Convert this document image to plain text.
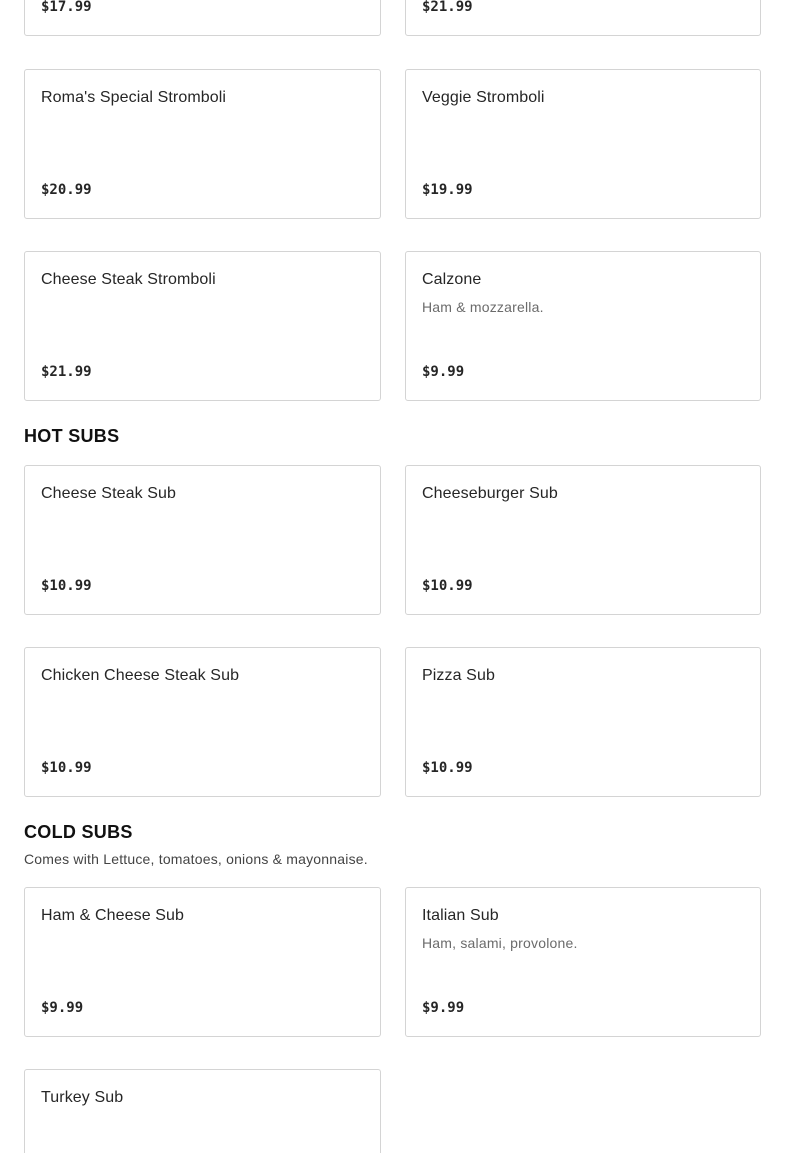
$17.99	$21.99
Roma's Special Stromboli
$20.99
Veggie Stromboli
$19.99
Cheese Steak Stromboli
$21.99
Calzone
Ham & mozzarella.
$9.99
HOT SUBS
Cheese Steak Sub
$10.99
Cheeseburger Sub
$10.99
Chicken Cheese Steak Sub
$10.99
Pizza Sub
$10.99
COLD SUBS
Comes with Lettuce, tomatoes, onions & mayonnaise.
Ham & Cheese Sub
$9.99
Italian Sub
Ham, salami, provolone.
$9.99
Turkey Sub
